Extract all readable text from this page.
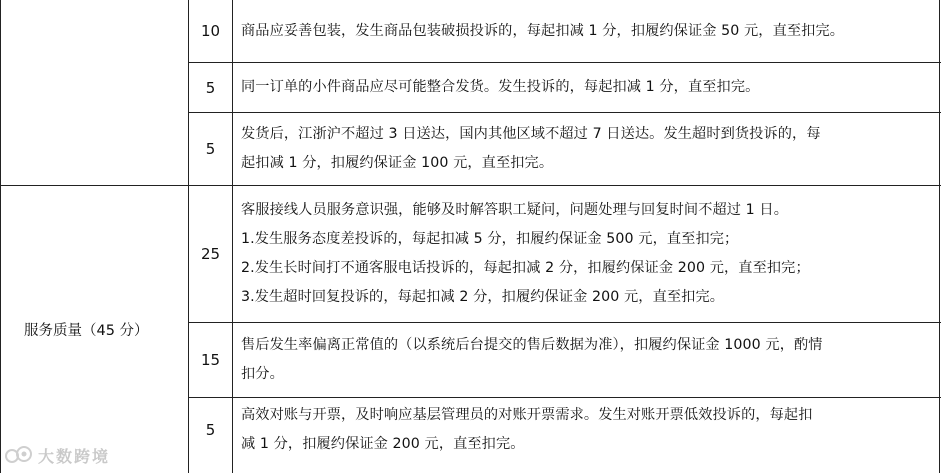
服务质量（45 分）
10 商品应妥善包装，发生商品包装破损投诉的，每起扣减 1 分，扣履约保证金 50 元，直至扣完。
5 同一订单的小件商品应尽可能整合发货。发生投诉的，每起扣减 1 分，直至扣完。
5
发货后，江浙沪不超过 3 日送达，国内其他区域不超过 7 日送达。发生超时到货投诉的，每
起扣减 1 分，扣履约保证金 100 元，直至扣完。
25
客服接线人员服务意识强，能够及时解答职工疑问，问题处理与回复时间不超过 1 日。
1.发生服务态度差投诉的，每起扣减 5 分，扣履约保证金 500 元，直至扣完；
2.发生长时间打不通客服电话投诉的，每起扣减 2 分，扣履约保证金 200 元，直至扣完；
3.发生超时回复投诉的，每起扣减 2 分，扣履约保证金 200 元，直至扣完。
15
售后发生率偏离正常值的（以系统后台提交的售后数据为准），扣履约保证金 1000 元，酌情
扣分。
5
高效对账与开票，及时响应基层管理员的对账开票需求。发生对账开票低效投诉的，每起扣
减 1 分，扣履约保证金 200 元，直至扣完。
大数跨境
